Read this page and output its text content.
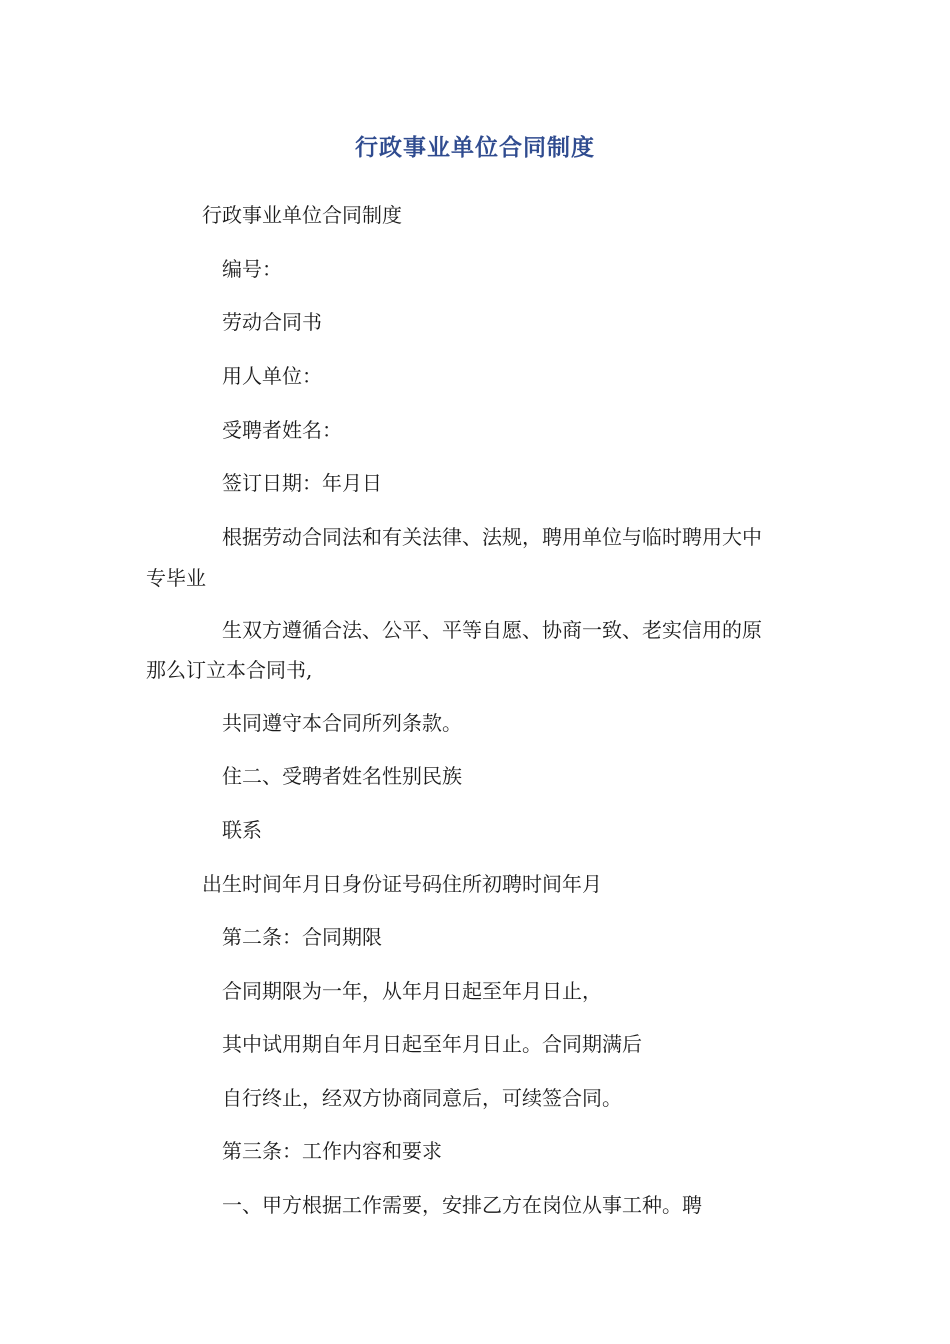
行政事业单位合同制度
行政事业单位合同制度
编号：
劳动合同书
用人单位：
受聘者姓名：
签订日期：年月日
根据劳动合同法和有关法律、法规，聘用单位与临时聘用大中
专毕业
生双方遵循合法、公平、平等自愿、协商一致、老实信用的原
那么订立本合同书,
共同遵守本合同所列条款。
住二、受聘者姓名性别民族
联系
出生时间年月日身份证号码住所初聘时间年月
第二条：合同期限
合同期限为一年，从年月日起至年月日止，
其中试用期自年月日起至年月日止。合同期满后
自行终止，经双方协商同意后，可续签合同。
第三条：工作内容和要求
一、甲方根据工作需要，安排乙方在岗位从事工种。聘
